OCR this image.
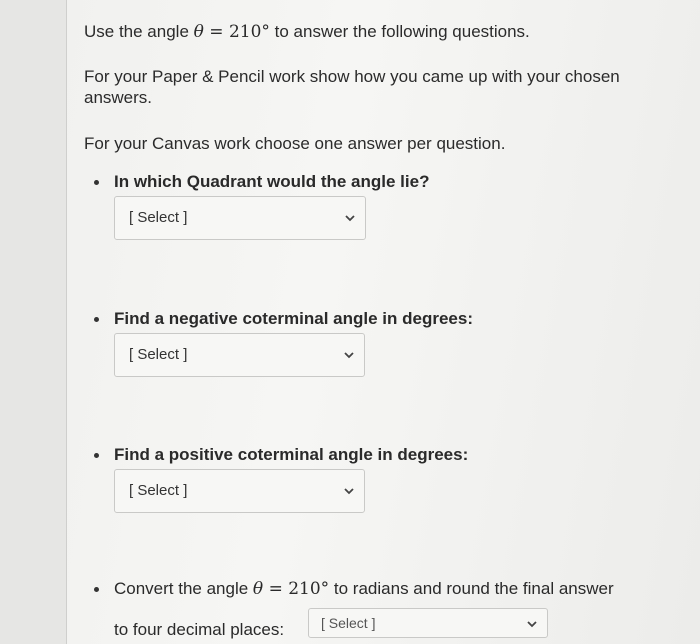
Use the angle θ = 210° to answer the following questions.
For your Paper & Pencil work show how you came up with your chosen
answers.
For your Canvas work choose one answer per question.
In which Quadrant would the angle lie?
[ Select ]
Find a negative coterminal angle in degrees:
[ Select ]
Find a positive coterminal angle in degrees:
[ Select ]
Convert the angle θ = 210° to radians and round the final answer
to four decimal places:	[ Select ]
